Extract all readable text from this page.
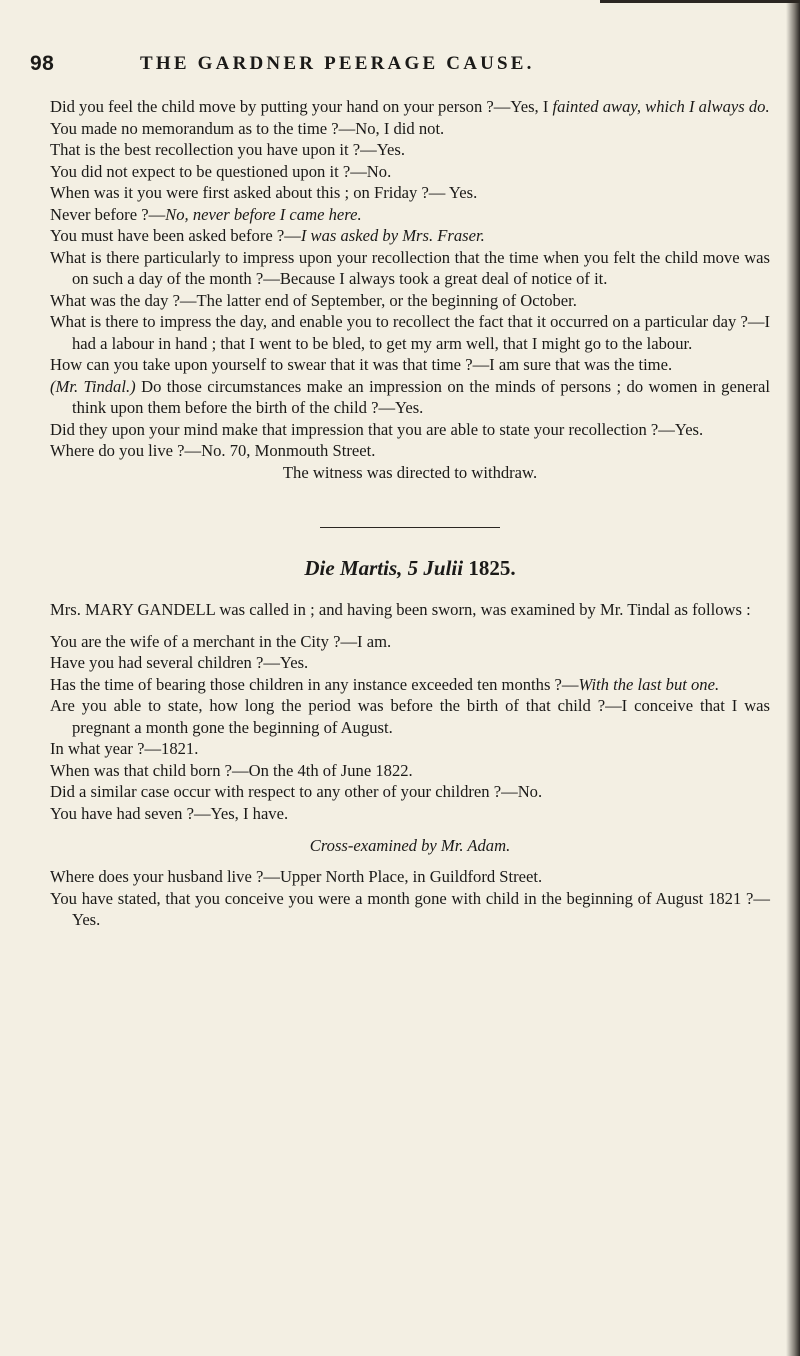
98	THE GARDNER PEERAGE CAUSE.

Did you feel the child move by putting your hand on your person ?—Yes, I fainted away, which I always do.

You made no memorandum as to the time ?—No, I did not.

That is the best recollection you have upon it ?—Yes.

You did not expect to be questioned upon it ?—No.

When was it you were first asked about this ; on Friday ?— Yes.

Never before ?—No, never before I came here.

You must have been asked before ?—I was asked by Mrs. Fraser.

What is there particularly to impress upon your recollection that the time when you felt the child move was on such a day of the month ?—Because I always took a great deal of notice of it.

What was the day ?—The latter end of September, or the beginning of October.

What is there to impress the day, and enable you to recollect the fact that it occurred on a particular day ?—I had a labour in hand ; that I went to be bled, to get my arm well, that I might go to the labour.

How can you take upon yourself to swear that it was that time ?—I am sure that was the time.

(Mr. Tindal.) Do those circumstances make an impression on the minds of persons ; do women in general think upon them before the birth of the child ?—Yes.

Did they upon your mind make that impression that you are able to state your recollection ?—Yes.

Where do you live ?—No. 70, Monmouth Street.

The witness was directed to withdraw.

Die Martis, 5 Julii 1825.

Mrs. MARY GANDELL was called in ; and having been sworn, was examined by Mr. Tindal as follows :

You are the wife of a merchant in the City ?—I am.

Have you had several children ?—Yes.

Has the time of bearing those children in any instance exceeded ten months ?—With the last but one.

Are you able to state, how long the period was before the birth of that child ?—I conceive that I was pregnant a month gone the beginning of August.

In what year ?—1821.

When was that child born ?—On the 4th of June 1822.

Did a similar case occur with respect to any other of your children ?—No.

You have had seven ?—Yes, I have.

Cross-examined by Mr. Adam.

Where does your husband live ?—Upper North Place, in Guildford Street.

You have stated, that you conceive you were a month gone with child in the beginning of August 1821 ?—Yes.
